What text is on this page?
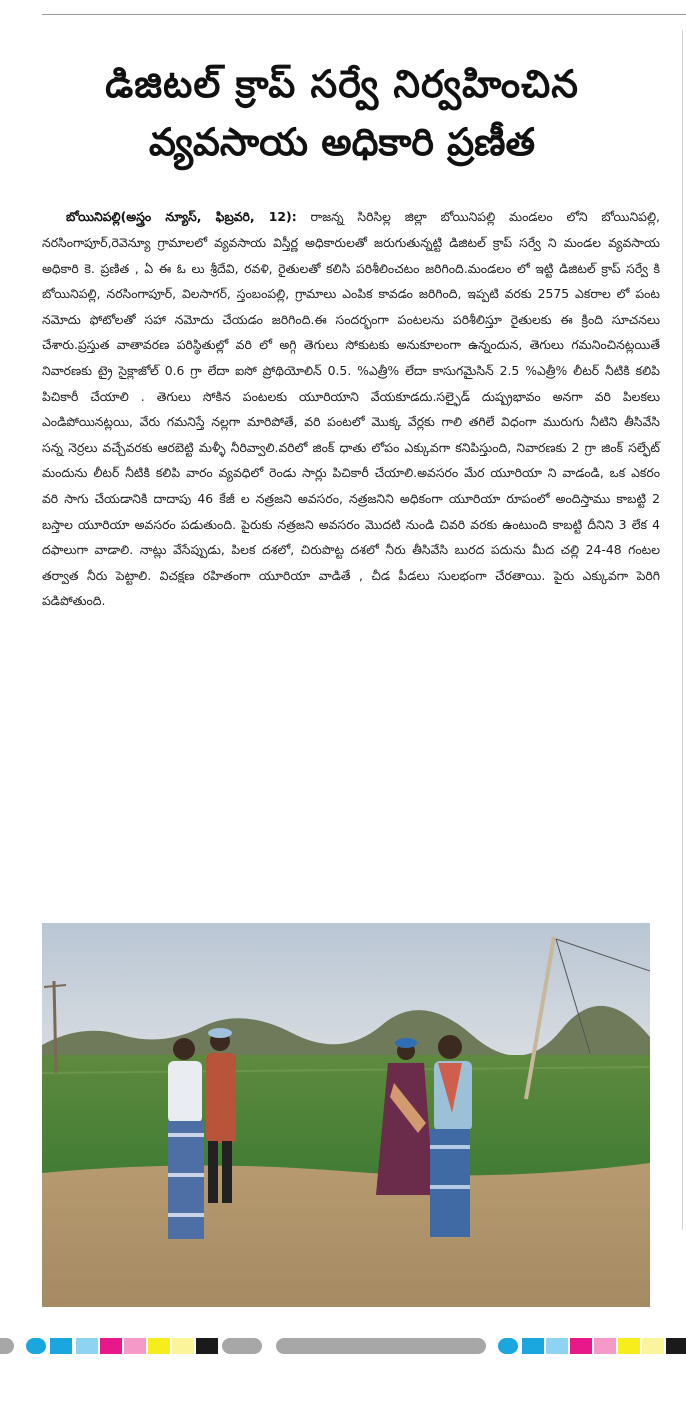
డిజిటల్ క్రాప్ సర్వే నిర్వహించిన
వ్యవసాయ అధికారి ప్రణీత

బోయినిపల్లి(అస్త్రం న్యూస్, ఫిబ్రవరి, 12): రాజన్న సిరిసిల్ల జిల్లా బోయినిపల్లి మండలం లోని బోయినిపల్లి, నరసింగాపూర్,రెవెన్యూ గ్రామాలలో వ్యవసాయ విస్తీర్ణ అధికారులతో జరుగుతున్నట్టి డిజిటల్ క్రాప్ సర్వే ని మండల వ్యవసాయ అధికారి కె. ప్రణిత , ఏ ఈ ఓ లు శ్రీదేవి, రవళి, రైతులతో కలిసి పరిశీలించటం జరిగింది.మండలం లో ఇట్టి డిజిటల్ క్రాప్ సర్వే కి బోయినిపల్లి, నరసింగాపూర్, విలసాగర్, స్తంబంపల్లి, గ్రామాలు ఎంపిక కావడం జరిగింది, ఇప్పటి వరకు 2575 ఎకరాల లో పంట నమోదు ఫోటోలతో సహా నమోదు చేయడం జరిగింది.ఈ సందర్భంగా పంటలను పరిశీలిస్తూ రైతులకు ఈ క్రింది సూచనలు చేశారు.ప్రస్తుత వాతావరణ పరిస్థితుల్లో వరి లో అగ్గి తెగులు సోకుటకు అనుకూలంగా ఉన్నందున, తెగులు గమనించినట్లయితే నివారణకు ట్రై సైక్లాజోల్ 0.6 గ్రా లేదా ఐసో ప్రోథియోలిన్ 0.5. %ఎత్రీ% లేదా కాసుగమైసిన్ 2.5 %ఎత్రీ% లీటర్ నీటికి కలిపి పిచికారీ చేయాలి . తెగులు సోకిన పంటలకు యూరియాని వేయకూడదు.సల్ఫైడ్ దుష్ప్రభావం అనగా వరి పిలకలు ఎండిపోయినట్లయి, వేరు గమనిస్తే నల్లగా మారిపోతే, వరి పంటలో మొక్క వేర్లకు గాలి తగిలే విధంగా మురుగు నీటిని తీసివేసి సన్న నెర్రలు వచ్చేవరకు ఆరబెట్టి మళ్ళీ నీరివ్వాలి.వరిలో జింక్ ధాతు లోపం ఎక్కువగా కనిపిస్తుంది, నివారణకు 2 గ్రా జింక్ సల్ఫేట్ మందును లీటర్ నీటికి కలిపి వారం వ్యవధిలో రెండు సార్లు పిచికారీ చేయాలి.అవసరం మేర యూరియా ని వాడండి, ఒక ఎకరం వరి సాగు చేయడానికి దాదాపు 46 కేజీ ల నత్రజని అవసరం, నత్రజనిని అధికంగా యూరియా రూపంలో అందిస్తాము కాబట్టి 2 బస్తాల యూరియా అవసరం పడుతుంది. పైరుకు నత్రజని అవసరం మొదటి నుండి చివరి వరకు ఉంటుంది కాబట్టి దీనిని 3 లేక 4 దఫాలుగా వాడాలి. నాట్లు వేసేప్పుడు, పిలక దశలో, చిరుపొట్ట దశలో నీరు తీసివేసి బురద పదును మీద చల్లి 24-48 గంటల తర్వాత నీరు పెట్టాలి. విచక్షణ రహితంగా యూరియా వాడితే , చీడ పీడలు సులభంగా చేరతాయి. పైరు ఎక్కువగా పెరిగి పడిపోతుంది.
